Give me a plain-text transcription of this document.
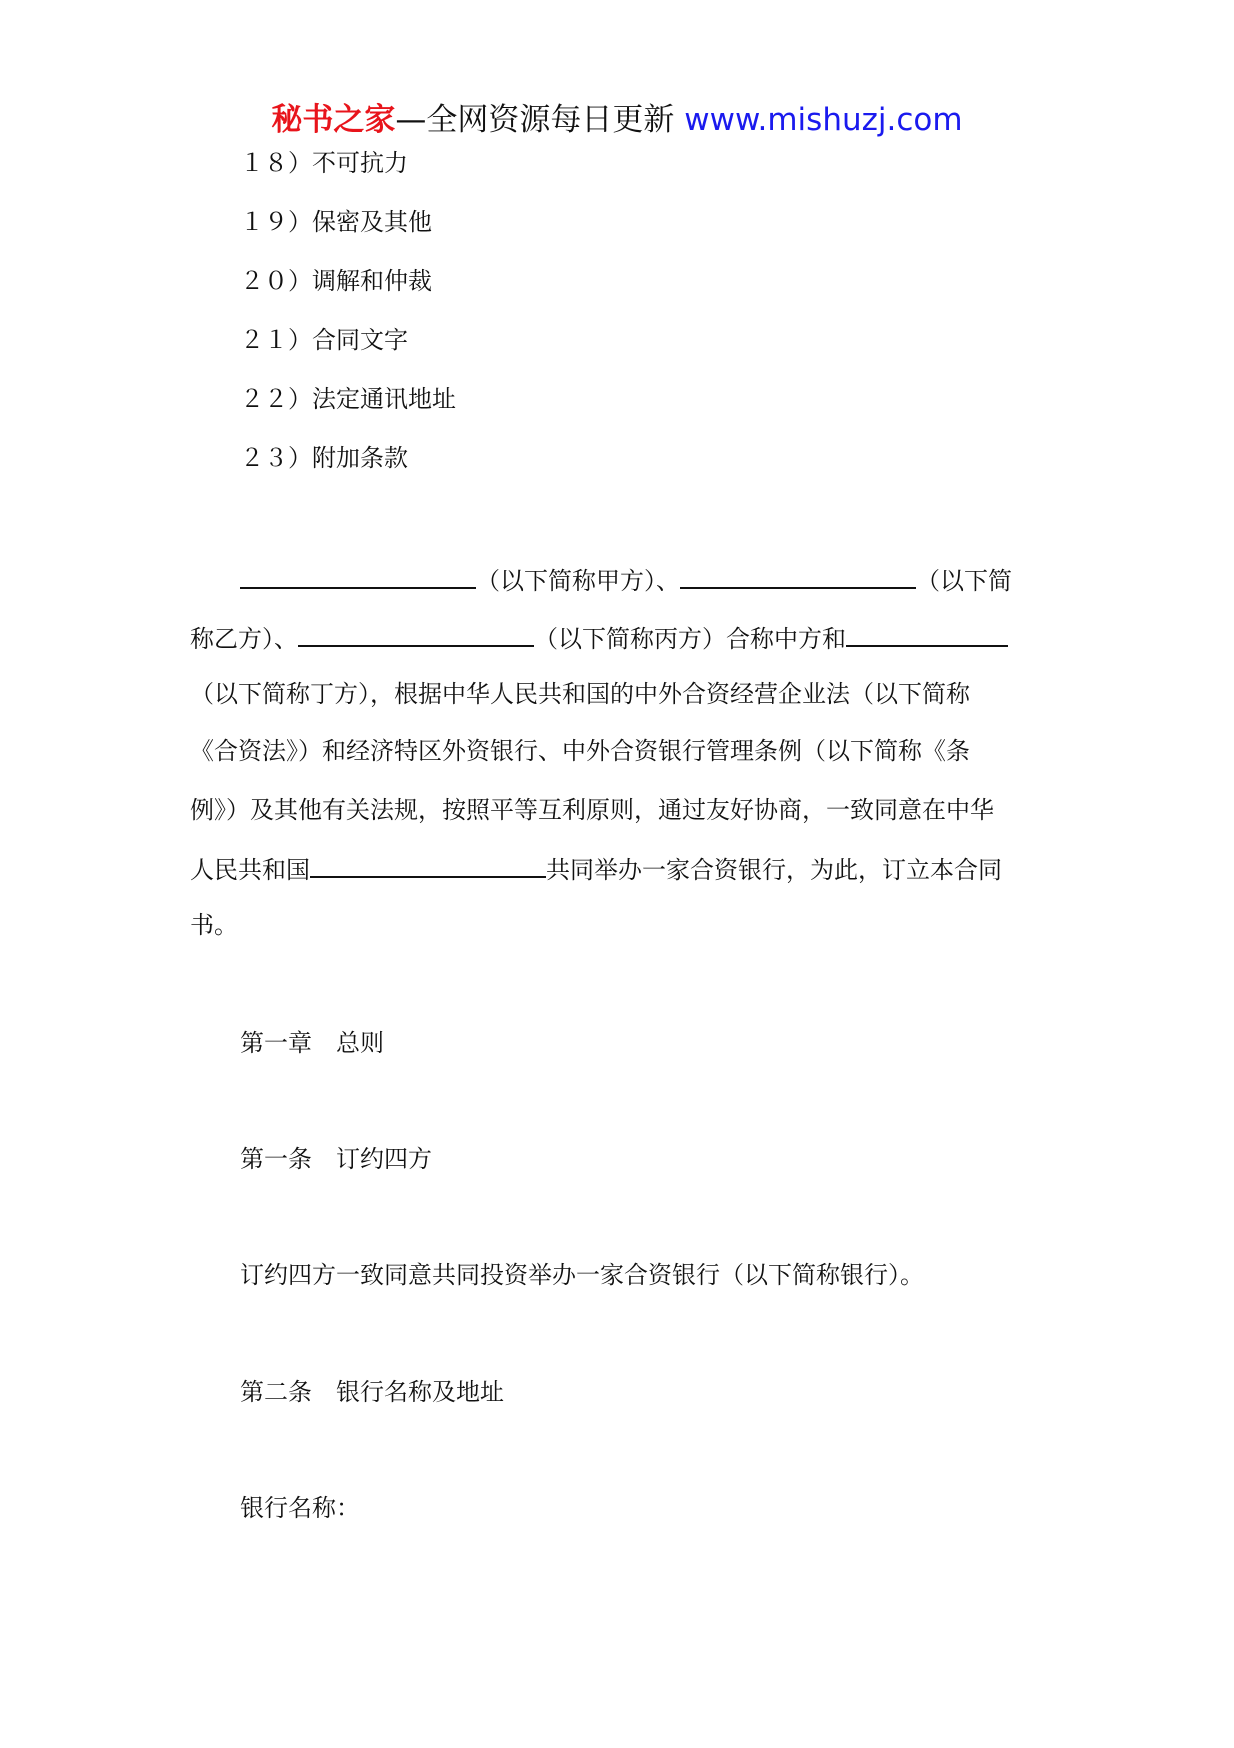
秘书之家—全网资源每日更新 www.mishuzj.com
１８）不可抗力
１９）保密及其他
２０）调解和仲裁
２１）合同文字
２２）法定通讯地址
２３）附加条款
（以下简称甲方）、	（以下简
称乙方）、	（以下简称丙方）合称中方和
（以下简称丁方），根据中华人民共和国的中外合资经营企业法（以下简称
《合资法》）和经济特区外资银行、中外合资银行管理条例（以下简称《条
例》）及其他有关法规，按照平等互利原则，通过友好协商，一致同意在中华
人民共和国	共同举办一家合资银行，为此，订立本合同
书。
第一章　总则
第一条　订约四方
订约四方一致同意共同投资举办一家合资银行（以下简称银行）。
第二条　银行名称及地址
银行名称：
